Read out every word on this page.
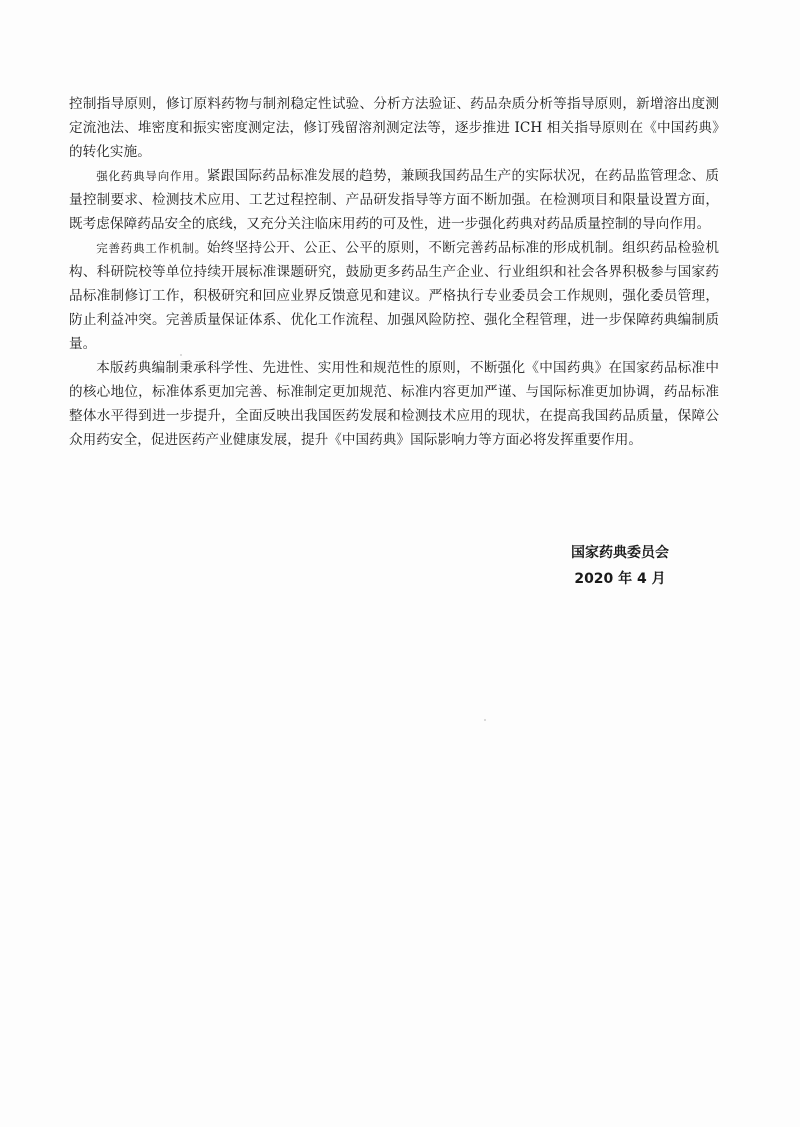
控制指导原则，修订原料药物与制剂稳定性试验、分析方法验证、药品杂质分析等指导原则，新增溶出度测定流池法、堆密度和振实密度测定法，修订残留溶剂测定法等，逐步推进 ICH 相关指导原则在《中国药典》的转化实施。

强化药典导向作用。紧跟国际药品标准发展的趋势，兼顾我国药品生产的实际状况，在药品监管理念、质量控制要求、检测技术应用、工艺过程控制、产品研发指导等方面不断加强。在检测项目和限量设置方面，既考虑保障药品安全的底线，又充分关注临床用药的可及性，进一步强化药典对药品质量控制的导向作用。

完善药典工作机制。始终坚持公开、公正、公平的原则，不断完善药品标准的形成机制。组织药品检验机构、科研院校等单位持续开展标准课题研究，鼓励更多药品生产企业、行业组织和社会各界积极参与国家药品标准制修订工作，积极研究和回应业界反馈意见和建议。严格执行专业委员会工作规则，强化委员管理，防止利益冲突。完善质量保证体系、优化工作流程、加强风险防控、强化全程管理，进一步保障药典编制质量。

本版药典编制秉承科学性、先进性、实用性和规范性的原则，不断强化《中国药典》在国家药品标准中的核心地位，标准体系更加完善、标准制定更加规范、标准内容更加严谨、与国际标准更加协调，药品标准整体水平得到进一步提升，全面反映出我国医药发展和检测技术应用的现状，在提高我国药品质量，保障公众用药安全，促进医药产业健康发展，提升《中国药典》国际影响力等方面必将发挥重要作用。

国家药典委员会
2020 年 4 月
